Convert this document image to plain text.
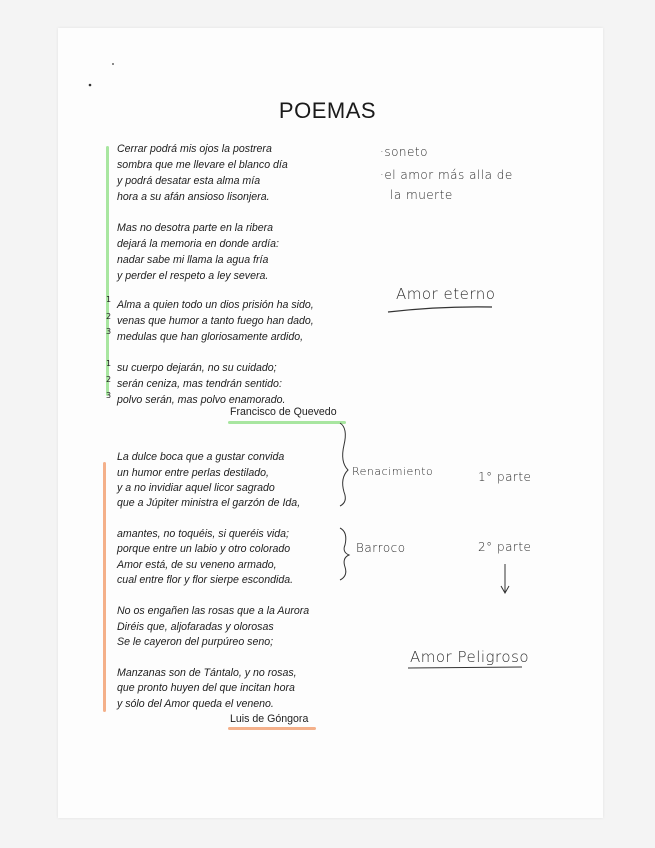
POEMAS
Cerrar podrá mis ojos la postrera
sombra que me llevare el blanco día
y podrá desatar esta alma mía
hora a su afán ansioso lisonjera.
Mas no desotra parte en la ribera
dejará la memoria en donde ardía:
nadar sabe mi llama la agua fría
y perder el respeto a ley severa.
Alma a quien todo un dios prisión ha sido,
venas que humor a tanto fuego han dado,
medulas que han gloriosamente ardido,
su cuerpo dejarán, no su cuidado;
serán ceniza, mas tendrán sentido:
polvo serán, mas polvo enamorado.
1
2
3
1
2
3
Francisco de Quevedo
La dulce boca que a gustar convida
un humor entre perlas destilado,
y a no invidiar aquel licor sagrado
que a Júpiter ministra el garzón de Ida,
amantes, no toquéis, si queréis vida;
porque entre un labio y otro colorado
Amor está, de su veneno armado,
cual entre flor y flor sierpe escondida.
No os engañen las rosas que a la Aurora
Diréis que, aljofaradas y olorosas
Se le cayeron del purpúreo seno;
Manzanas son de Tántalo, y no rosas,
que pronto huyen del que incitan hora
y sólo del Amor queda el veneno.
Luis de Góngora
·soneto
·el amor más alla de
la muerte
Amor eterno
Renacimiento	1° parte
Barroco	2° parte
Amor Peligroso
